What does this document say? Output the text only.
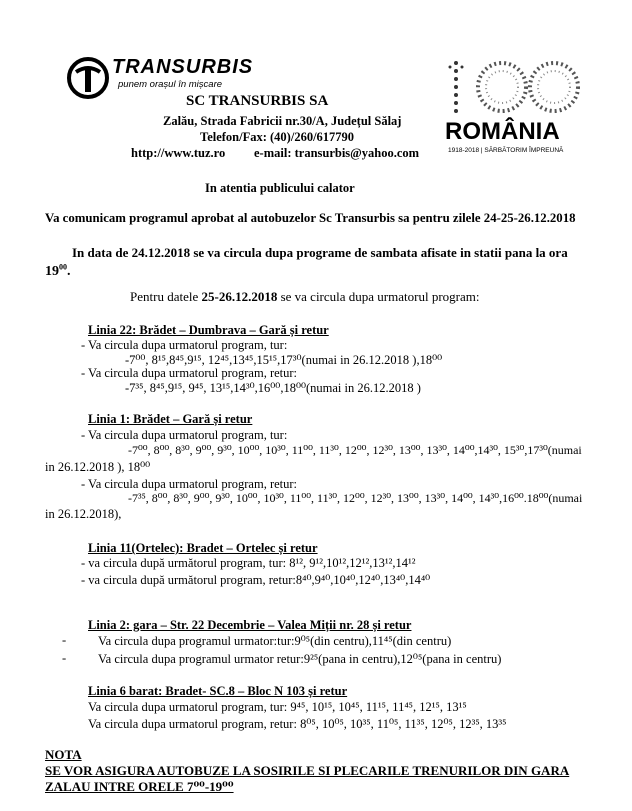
TRANSURBIS
punem orașul în mișcare
SC TRANSURBIS SA
Zalău, Strada Fabricii nr.30/A, Județul Sălaj
Telefon/Fax: (40)/260/617790
http://www.tuz.ro e-mail: transurbis@yahoo.com
ROMÂNIA
1918-2018 | SĂRBĂTORIM ÎMPREUNĂ
In atentia publicului calator
Va comunicam programul aprobat al autobuzelor Sc Transurbis sa pentru zilele 24-25-26.12.2018
In data de 24.12.2018 se va circula dupa programe de sambata afisate in statii pana la ora
$19^{00}$.
Pentru datele 25-26.12.2018 se va circula dupa urmatorul program:
Linia 22: Brădet – Dumbrava – Gară și retur
- Va circula dupa urmatorul program, tur:
-7⁰⁰, 8¹⁵,8⁴⁵,9¹⁵, 12⁴⁵,13⁴⁵,15¹⁵,17³⁰(numai in 26.12.2018 ),18⁰⁰
- Va circula dupa urmatorul program, retur:
-7³⁵, 8⁴⁵,9¹⁵, 9⁴⁵, 13¹⁵,14³⁰,16⁰⁰,18⁰⁰(numai in 26.12.2018 )
Linia 1: Brădet – Gară și retur
- Va circula dupa urmatorul program, tur:
-7⁰⁰, 8⁰⁰, 8³⁰, 9⁰⁰, 9³⁰, 10⁰⁰, 10³⁰, 11⁰⁰, 11³⁰, 12⁰⁰, 12³⁰, 13⁰⁰, 13³⁰, 14⁰⁰,14³⁰, 15³⁰,17³⁰(numai
in 26.12.2018 ), 18⁰⁰
- Va circula dupa urmatorul program, retur:
-7³⁵, 8⁰⁰, 8³⁰, 9⁰⁰, 9³⁰, 10⁰⁰, 10³⁰, 11⁰⁰, 11³⁰, 12⁰⁰, 12³⁰, 13⁰⁰, 13³⁰, 14⁰⁰, 14³⁰,16⁰⁰.18⁰⁰(numai
in 26.12.2018),
Linia 11(Ortelec): Bradet – Ortelec și retur
- va circula după următorul program, tur: 8¹², 9¹²,10¹²,12¹²,13¹²,14¹²
- va circula după următorul program, retur:8⁴⁰,9⁴⁰,10⁴⁰,12⁴⁰,13⁴⁰,14⁴⁰
Linia 2: gara – Str. 22 Decembrie – Valea Miții nr. 28 și retur
-	Va circula dupa programul urmator:tur:9⁰⁵(din centru),11⁴⁵(din centru)
-	Va circula dupa programul urmator retur:9²⁵(pana in centru),12⁰⁵(pana in centru)
Linia 6 barat: Bradet- SC.8 – Bloc N 103 și retur
Va circula dupa urmatorul program, tur: 9⁴⁵, 10¹⁵, 10⁴⁵, 11¹⁵, 11⁴⁵, 12¹⁵, 13¹⁵
Va circula dupa urmatorul program, retur: 8⁰⁵, 10⁰⁵, 10³⁵, 11⁰⁵, 11³⁵, 12⁰⁵, 12³⁵, 13³⁵
NOTA
SE VOR ASIGURA AUTOBUZE LA SOSIRILE SI PLECARILE TRENURILOR DIN GARA
ZALAU INTRE ORELE 7⁰⁰-19⁰⁰
